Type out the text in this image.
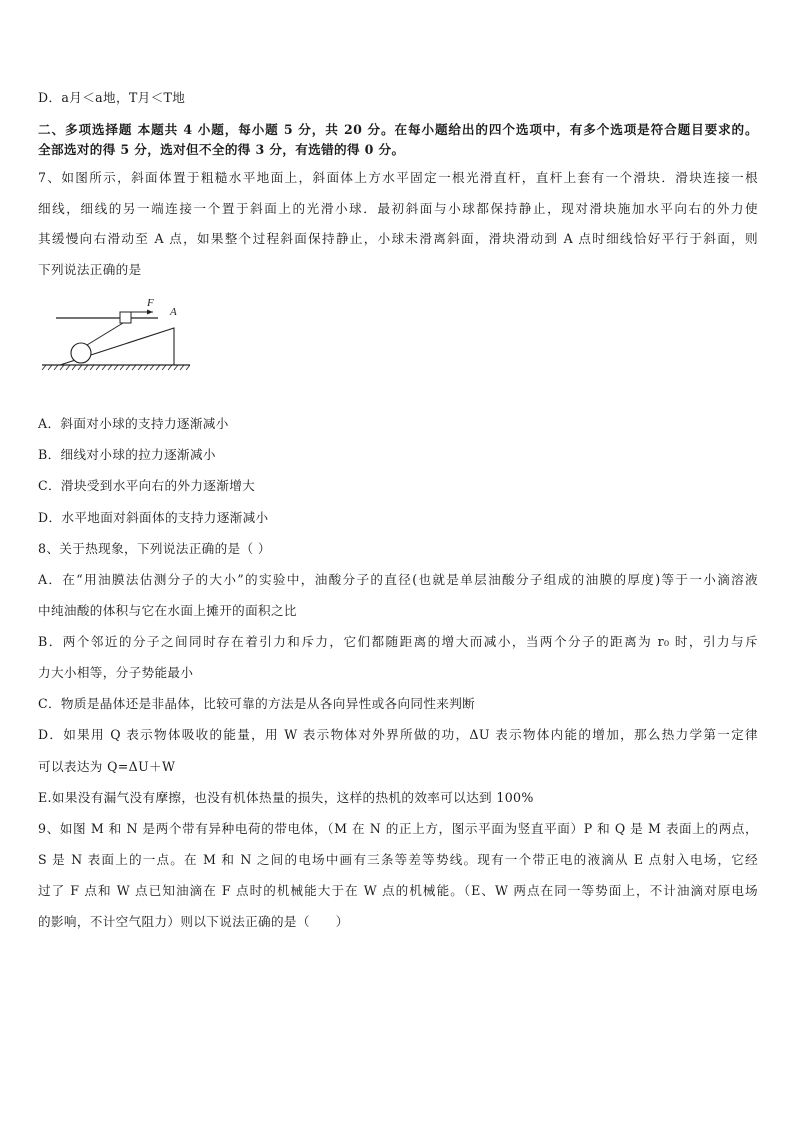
D．a月＜a地，T月＜T地
二、多项选择题 本题共 4 小题，每小题 5 分，共 20 分。在每小题给出的四个选项中，有多个选项是符合题目要求的。
全部选对的得 5 分，选对但不全的得 3 分，有选错的得 0 分。
7、如图所示，斜面体置于粗糙水平地面上，斜面体上方水平固定一根光滑直杆，直杆上套有一个滑块．滑块连接一根
细线，细线的另一端连接一个置于斜面上的光滑小球．最初斜面与小球都保持静止，现对滑块施加水平向右的外力使
其缓慢向右滑动至 A 点，如果整个过程斜面保持静止，小球未滑离斜面，滑块滑动到 A 点时细线恰好平行于斜面，则
下列说法正确的是
F
A
A．斜面对小球的支持力逐渐减小
B．细线对小球的拉力逐渐减小
C．滑块受到水平向右的外力逐渐增大
D．水平地面对斜面体的支持力逐渐减小
8、关于热现象，下列说法正确的是（ ）
A．在“用油膜法估测分子的大小”的实验中，油酸分子的直径(也就是单层油酸分子组成的油膜的厚度)等于一小滴溶液
中纯油酸的体积与它在水面上摊开的面积之比
B．两个邻近的分子之间同时存在着引力和斥力，它们都随距离的增大而减小，当两个分子的距离为 r₀ 时，引力与斥
力大小相等，分子势能最小
C．物质是晶体还是非晶体，比较可靠的方法是从各向异性或各向同性来判断
D．如果用 Q 表示物体吸收的能量，用 W 表示物体对外界所做的功，ΔU 表示物体内能的增加，那么热力学第一定律
可以表达为 Q=ΔU＋W
E.如果没有漏气没有摩擦，也没有机体热量的损失，这样的热机的效率可以达到 100%
9、如图 M 和 N 是两个带有异种电荷的带电体，（M 在 N 的正上方，图示平面为竖直平面）P 和 Q 是 M 表面上的两点，
S 是 N 表面上的一点。在 M 和 N 之间的电场中画有三条等差等势线。现有一个带正电的液滴从 E 点射入电场，它经
过了 F 点和 W 点已知油滴在 F 点时的机械能大于在 W 点的机械能。（E、W 两点在同一等势面上，不计油滴对原电场
的影响，不计空气阻力）则以下说法正确的是（　　）
